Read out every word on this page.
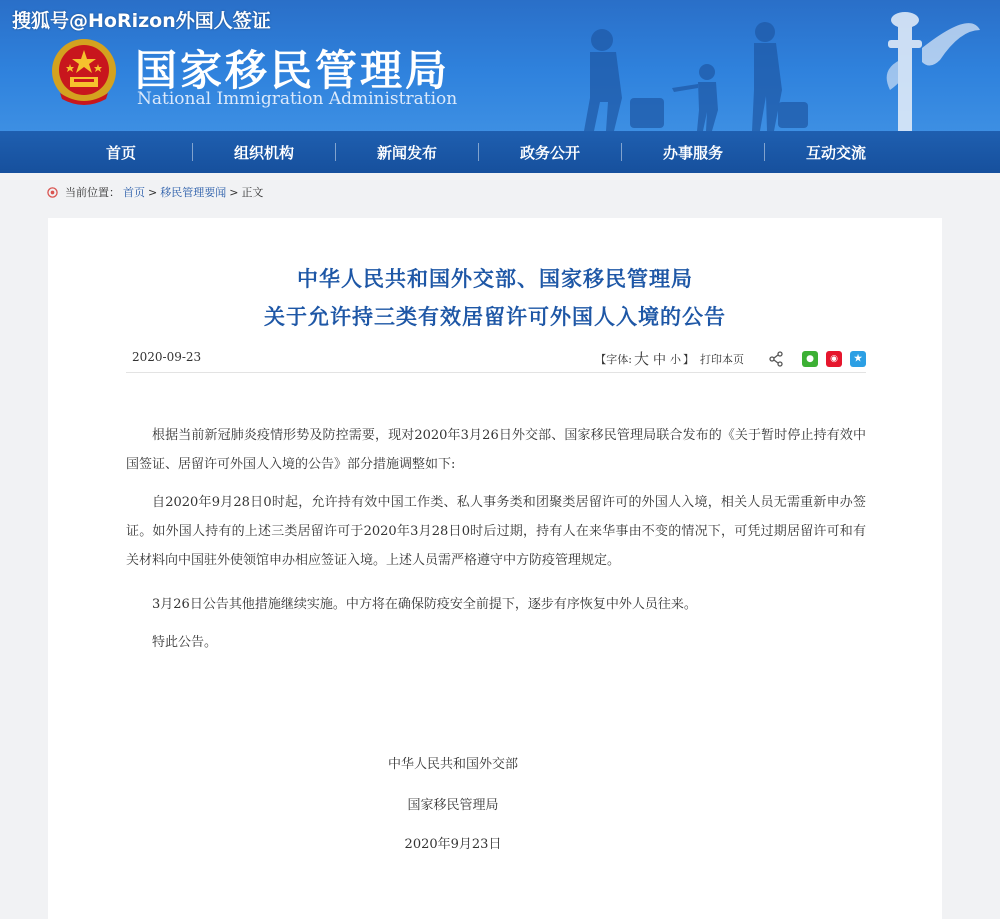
搜狐号@HoRizon外国人签证
国家移民管理局
National Immigration Administration
首页	组织机构	新闻发布	政务公开	办事服务	互动交流
当前位置： 首页 > 移民管理要闻 > 正文
中华人民共和国外交部、国家移民管理局
关于允许持三类有效居留许可外国人入境的公告
2020-09-23	【字体: 大 中 小 】 打印本页	●	◉	★

根据当前新冠肺炎疫情形势及防控需要，现对2020年3月26日外交部、国家移民管理局联合发布的《关于暂时停止持有效中国签证、居留许可外国人入境的公告》部分措施调整如下:

自2020年9月28日0时起，允许持有效中国工作类、私人事务类和团聚类居留许可的外国人入境，相关人员无需重新申办签证。如外国人持有的上述三类居留许可于2020年3月28日0时后过期，持有人在来华事由不变的情况下，可凭过期居留许可和有关材料向中国驻外使领馆申办相应签证入境。上述人员需严格遵守中方防疫管理规定。

3月26日公告其他措施继续实施。中方将在确保防疫安全前提下，逐步有序恢复中外人员往来。

特此公告。

中华人民共和国外交部
国家移民管理局
2020年9月23日
